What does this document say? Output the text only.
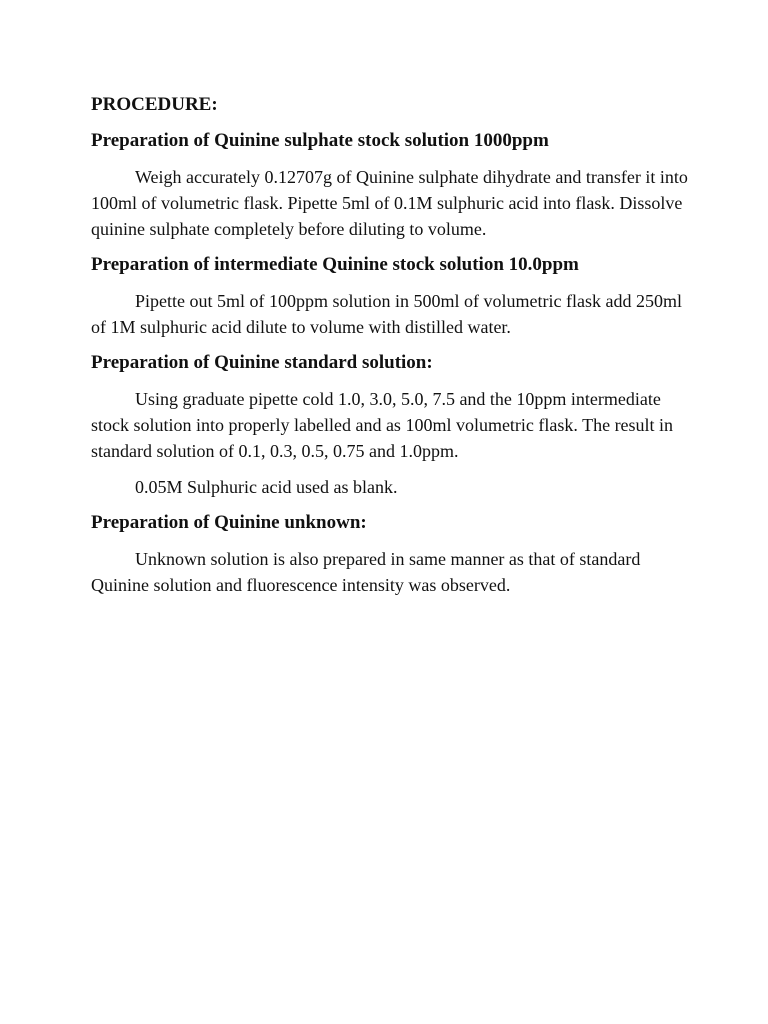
PROCEDURE:
Preparation of Quinine sulphate stock solution 1000ppm

Weigh accurately 0.12707g of Quinine sulphate dihydrate and transfer it into 100ml of volumetric flask. Pipette 5ml of 0.1M sulphuric acid into flask. Dissolve quinine sulphate completely before diluting to volume.

Preparation of intermediate Quinine stock solution 10.0ppm

Pipette out 5ml of 100ppm solution in 500ml of volumetric flask add 250ml of 1M sulphuric acid dilute to volume with distilled water.

Preparation of Quinine standard solution:

Using graduate pipette cold 1.0, 3.0, 5.0, 7.5 and the 10ppm intermediate stock solution into properly labelled and as 100ml volumetric flask. The result in standard solution of 0.1, 0.3, 0.5, 0.75 and 1.0ppm.

0.05M Sulphuric acid used as blank.

Preparation of Quinine unknown:

Unknown solution is also prepared in same manner as that of standard Quinine solution and fluorescence intensity was observed.
